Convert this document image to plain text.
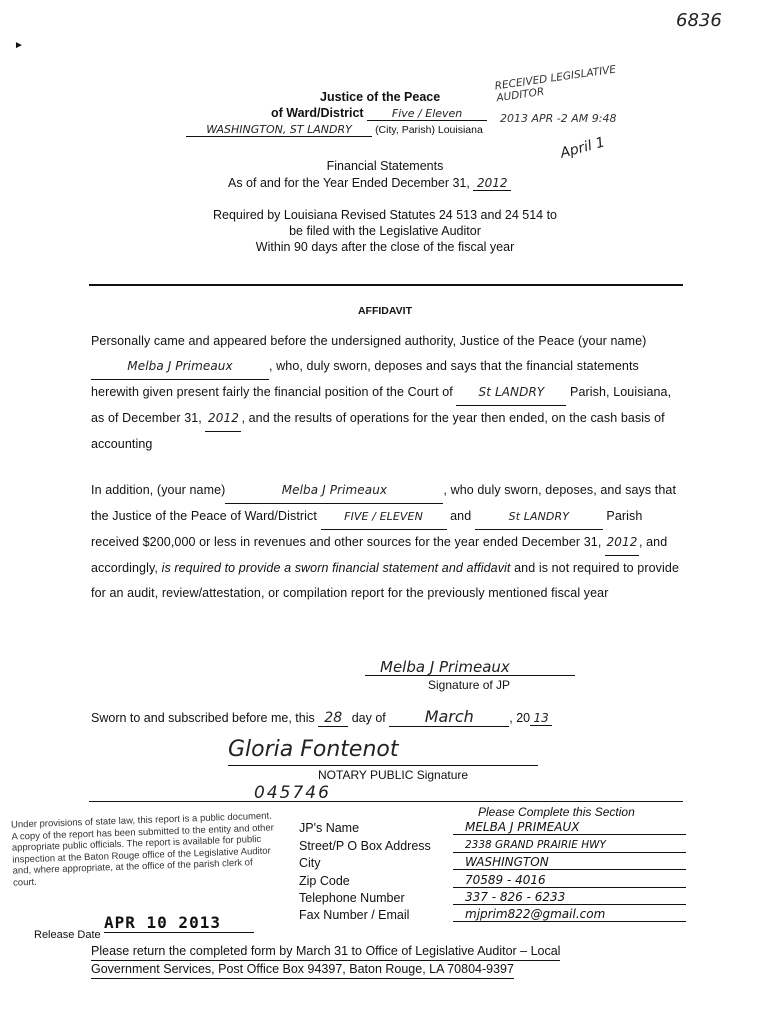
6836
►
Justice of the Peace
of Ward/District	Five / Eleven
WASHINGTON, ST LANDRY (City, Parish) Louisiana
RECEIVED LEGISLATIVE AUDITOR
2013 APR -2 AM 9:48
April 1
Financial Statements
As of and for the Year Ended December 31, 2012
Required by Louisiana Revised Statutes 24 513 and 24 514 to
be filed with the Legislative Auditor
Within 90 days after the close of the fiscal year
AFFIDAVIT
Personally came and appeared before the undersigned authority, Justice of the Peace (your name)Melba J Primeaux	, who, duly sworn, deposes and says that the financial statements herewith given present fairly the financial position of the Court of St LANDRY Parish, Louisiana, as of December 31, 2012 , and the results of operations for the year then ended, on the cash basis of accounting
In addition, (your name)	Melba J Primeaux	, who duly sworn, deposes, and says that the Justice of the Peace of Ward/District FIVE / ELEVEN and	St LANDRY	Parish received $200,000 or less in revenues and other sources for the year ended December 31, 2012 , and accordingly, is required to provide a sworn financial statement and affidavit and is not required to provide for an audit, review/attestation, or compilation report for the previously mentioned fiscal year
Melba J Primeaux
Signature of JP
Sworn to and subscribed before me, this 28 day of March	, 20 13
Gloria Fontenot
NOTARY PUBLIC Signature
045746
Under provisions of state law, this report is a public document. A copy of the report has been submitted to the entity and other appropriate public officials. The report is available for public inspection at the Baton Rouge office of the Legislative Auditor and, where appropriate, at the office of the parish clerk of court.
Release Date
APR 10 2013
Please Complete this Section
JP's Name	MELBA J PRIMEAUX
Street/P O Box Address	2338 GRAND PRAIRIE HWY
City	WASHINGTON
Zip Code	70589 - 4016
Telephone Number	337 - 826 - 6233
Fax Number / Email	mjprim822@gmail.com
Please return the completed form by March 31 to Office of Legislative Auditor – Local
Government Services, Post Office Box 94397, Baton Rouge, LA 70804-9397
